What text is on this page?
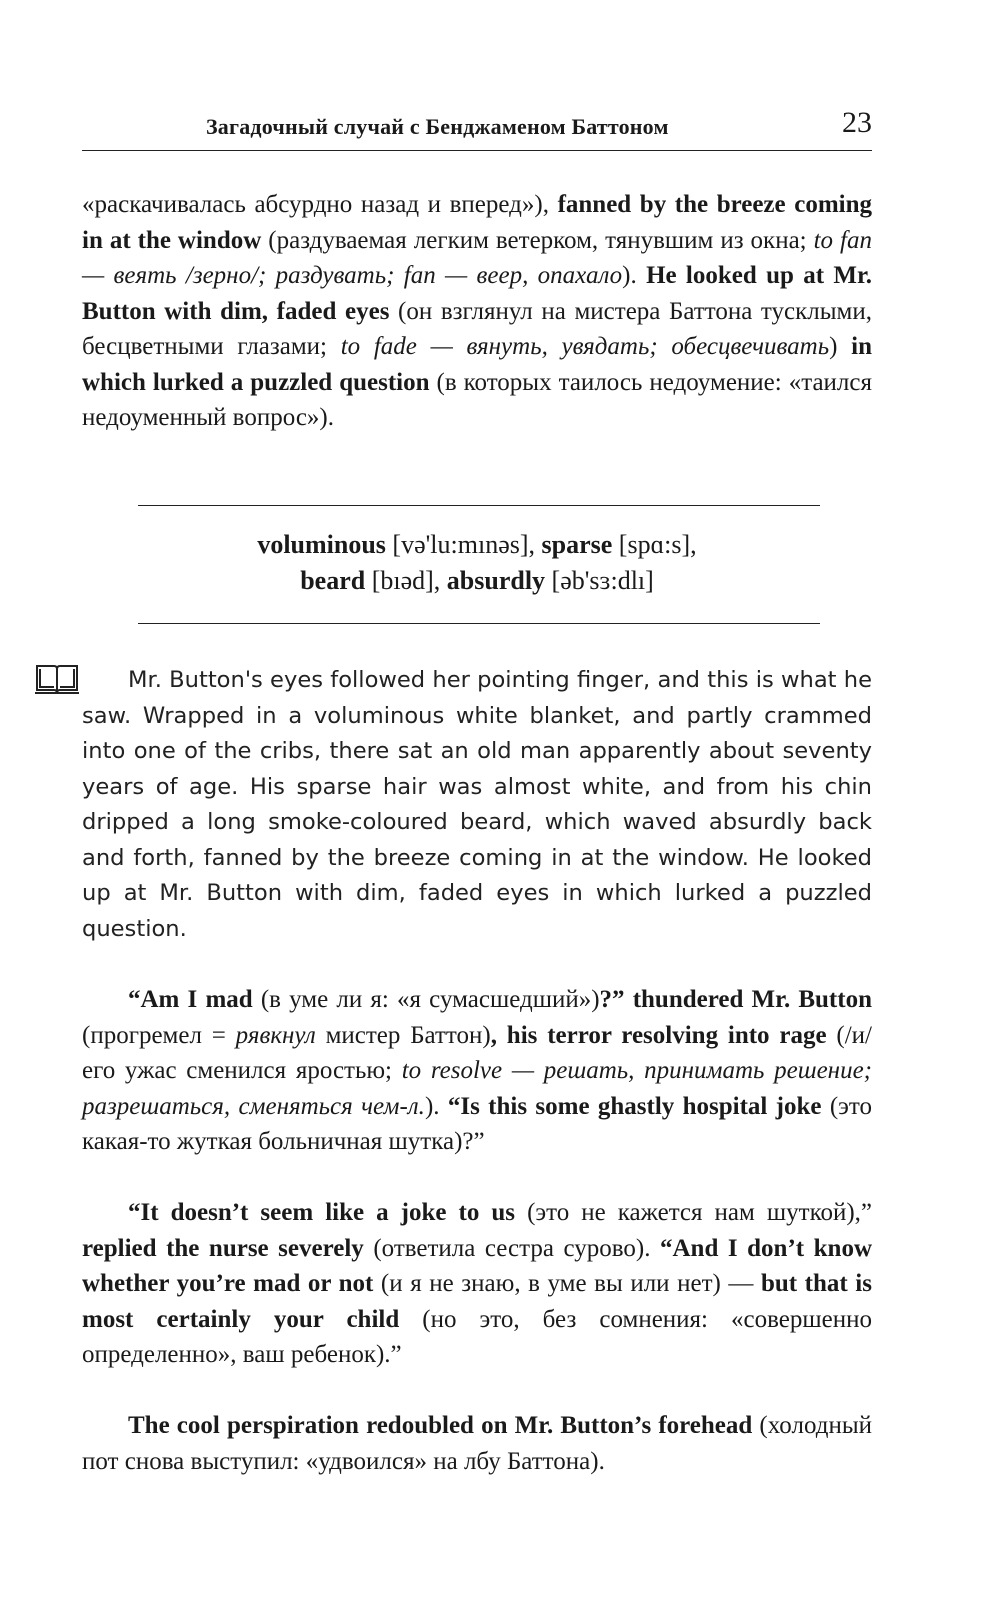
Загадочный случай с Бенджаменом Баттоном	23

«раскачивалась абсурдно назад и вперед»), fanned by the breeze coming in at the window (раздуваемая легким ветерком, тянувшим из окна; to fan — веять /зерно/; раздувать; fan — веер, опахало). He looked up at Mr. Button with dim, faded eyes (он взглянул на мистера Баттона тусклыми, бесцветными глазами; to fade — вянуть, увядать; обесцвечивать) in which lurked a puzzled question (в которых таилось недоумение: «таился недоуменный вопрос»).

voluminous [və'lu:mınəs], sparse [spɑ:s],
beard [bıəd], absurdly [əb'sɜ:dlı]

Mr. Button's eyes followed her pointing finger, and this is what he saw. Wrapped in a voluminous white blanket, and partly crammed into one of the cribs, there sat an old man apparently about seventy years of age. His sparse hair was almost white, and from his chin dripped a long smoke-coloured beard, which waved absurdly back and forth, fanned by the breeze coming in at the window. He looked up at Mr. Button with dim, faded eyes in which lurked a puzzled question.

“Am I mad (в уме ли я: «я сумасшедший»)?” thundered Mr. Button (прогремел = рявкнул мистер Баттон), his terror resolving into rage (/и/ его ужас сменился яростью; to resolve — решать, принимать решение; разрешаться, сменяться чем-л.). “Is this some ghastly hospital joke (это какая-то жуткая больничная шутка)?”

“It doesn’t seem like a joke to us (это не кажется нам шуткой),” replied the nurse severely (ответила сестра сурово). “And I don’t know whether you’re mad or not (и я не знаю, в уме вы или нет) — but that is most certainly your child (но это, без сомнения: «совершенно определенно», ваш ребенок).”

The cool perspiration redoubled on Mr. Button’s forehead (холодный пот снова выступил: «удвоился» на лбу Баттона).
